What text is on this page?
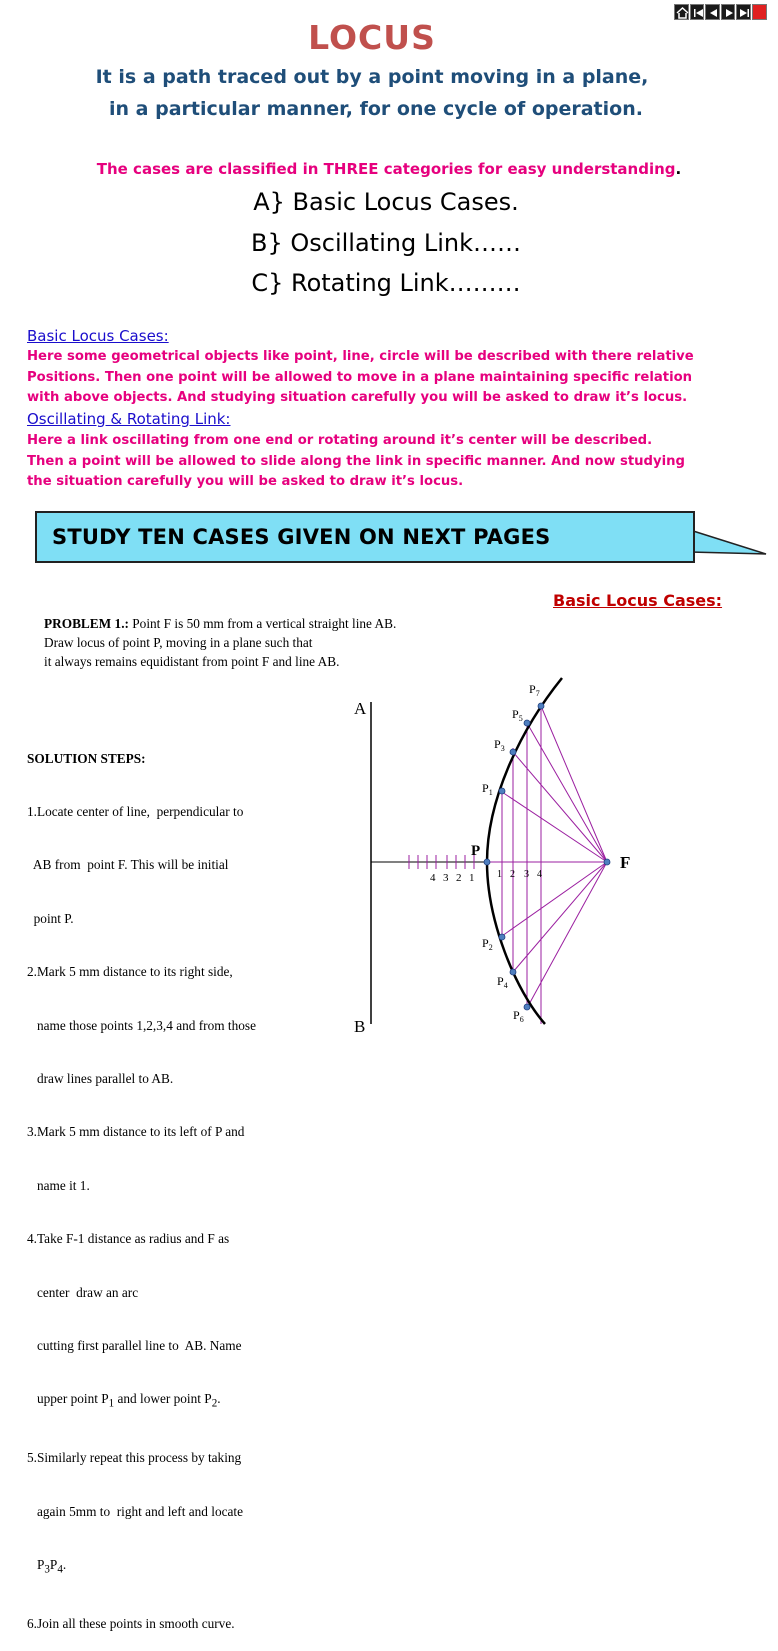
LOCUS
It is a path traced out by a point moving in a plane,
in a particular manner, for one cycle of operation.
The cases are classified in THREE categories for easy understanding.
A} Basic Locus Cases.
B} Oscillating Link……
C} Rotating Link………
Basic Locus Cases:
Here some geometrical objects like point, line, circle will be described with there relative
Positions. Then one point will be allowed to move in a plane maintaining specific relation
with above objects. And studying situation carefully you will be asked to draw it’s locus.
Oscillating & Rotating Link:
Here a link oscillating from one end or rotating around it’s center will be described.
Then a point will be allowed to slide along the link in specific manner. And now studying
the situation carefully you will be asked to draw it’s locus.
STUDY TEN CASES GIVEN ON NEXT PAGES
Basic Locus Cases:
PROBLEM 1.: Point F is 50 mm from a vertical straight line AB.
Draw locus of point P, moving in a plane such that
it always remains equidistant from point F and line AB.

SOLUTION STEPS:

1.Locate center of line,  perpendicular to

AB from  point F. This will be initial

point P.

2.Mark 5 mm distance to its right side,

name those points 1,2,3,4 and from those

draw lines parallel to AB.

3.Mark 5 mm distance to its left of P and

name it 1.

4.Take F-1 distance as radius and F as

center  draw an arc

cutting first parallel line to  AB. Name

upper point $P_1$ and lower point $P_2$.

5.Similarly repeat this process by taking

again 5mm to  right and left and locate

$P_3P_4$.

6.Join all these points in smooth curve.

A
B
4 3 2 1 1 2 3 4
$P_7$
$P_5$
$P_3$
$P_1$
$P_2$
$P_4$
$P_6$
P
F
